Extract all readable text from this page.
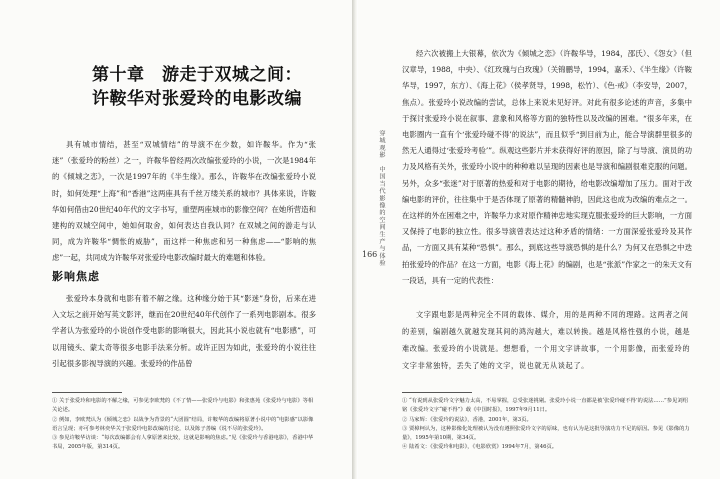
第十章　游走于双城之间：
许鞍华对张爱玲的电影改编

具有城市情结，甚至“双城情结”的导演不在少数，如许鞍华。作为“张迷”（张爱玲的粉丝）之一，许鞍华曾经两次改编张爱玲的小说，一次是1984年的《倾城之恋》，一次是1997年的《半生缘》。那么，许鞍华在改编张爱玲小说时，如何处理“上海”和“香港”这两座具有千丝万缕关系的城市？具体来说，许鞍华如何借由20世纪40年代的文字书写，重塑两座城市的影像空间？在她所营造和建构的双城空间中，她如何取舍，如何表达自我认同？在双城之间的游走与认同，成为许鞍华“惆怅的威胁”，而这样一种焦虑和另一种焦虑——“影响的焦虑”一起，共同成为许鞍华对张爱玲电影改编时最大的难题和体验。

影响焦虑

张爱玲本身就和电影有着不解之缘。这种缘分始于其“影迷”身份，后来在进入文坛之前开始写英文影评，继而在20世纪40年代创作了一系列电影剧本。很多学者认为张爱玲的小说创作受电影的影响很大，因此其小说也就有“电影感”，可以用镜头、蒙太奇等很多电影手法来分析。或许正因为如此，张爱玲的小说往往引起很多影视导演的兴趣。张爱玲的作品曾

① 关于张爱玲和电影的不解之缘，可参见李欧梵的《不了情——张爱玲与电影》和张惠苑《张爱玲与电影》等相关论述。

② 例如，李欧梵认为《倾城之恋》以战争为背景的“大团圆”结局，许鞍华的改编将原著小说中的“电影感”以影像语言呈现；亦可参考林奕华关于张爱玲电影改编的讨论，以及陈子善编《说不尽的张爱玲》。

③ 参见许鞍华访谈：“每次改编都会有人拿原著来比较，这就是影响的焦虑。”见《张爱玲与香港电影》，香港中华书局，2005年版，第314页。

穿城观影　中国当代影像的空间生产与体验
166

经六次被搬上大银幕，依次为《倾城之恋》（许鞍华导，1984，邵氏）、《怨女》（但汉章导，1988，中央）、《红玫瑰与白玫瑰》（关锦鹏导，1994，嘉禾）、《半生缘》（许鞍华导，1997，东方）、《海上花》（侯孝贤导，1998，松竹）、《色·戒》（李安导，2007，焦点）。张爱玲小说改编的尝试，总体上来说未见好评。对此有很多论述的声音，多集中于探讨张爱玲小说在叙事、意象和风格等方面的独特性以及改编的困难。“很多年来，在电影圈内一直有个‘张爱玲碰不得’的说法”，而且似乎“到目前为止，能合导演群里很多的然无人通得过‘张爱玲考验’”。纵观这些影片并未获得好评的原因，除了与导演、演员的功力及风格有关外，张爱玲小说中的种种难以呈现的因素也是导演和编剧很难克服的问题。另外，众多“张迷”对于原著的热爱和对于电影的期待，给电影改编增加了压力。面对于改编电影的评价，往往集中于是否体现了原著的精髓神韵，因此这也成为改编的难点之一。在这样的外在困难之中，许鞍华力求对原作精神忠地实现克服张爱玲的巨大影响，一方面又保持了电影的独立性。很多导演曾表达过这种矛盾的情绪：一方面深爱张爱玲及其作品，一方面又具有某种“恐惧”。那么，到底这些导演恐惧的是什么？为何又在恐惧之中迭拍张爱玲的作品？在这一方面，电影《海上花》的编剧，也是“张派”作家之一的朱天文有一段话，具有一定的代表性：

文字跟电影是两种完全不同的载体、媒介，用的是两种不同的理路。这两者之间的差别，编剧越久就越发现其间的鸿沟越大，难以转换。越是风格性强的小说，越是难改编。张爱玲的小说就是。想想看，一个用文字讲故事，一个用影像，而张爱玲的文字非常独特，丢失了她的文字，说也就无从谈起了。

① “有说到从张爱玲文字魅力太高，不易掌握，总受张迷挑剔。张爱玲小说一直都是被‘张爱玲碰不得’的说法……”参见刘绍铭《张爱玲文字“碰不得”》载《中国时报》，1997年9月11日。

② 马家辉：《张爱玲的说法》，香港，2001年，第3页。

③ 贾樟柯认为，这种影像化处理被认为没有遵照张爱玲文字的原味，也有认为是这批导演功力不足的原因。参见《影像的力量》，1995年第10期，第34页。

④ 陆希文：《张爱玲和电影》，《电影欣赏》1994年7月，第46页。
